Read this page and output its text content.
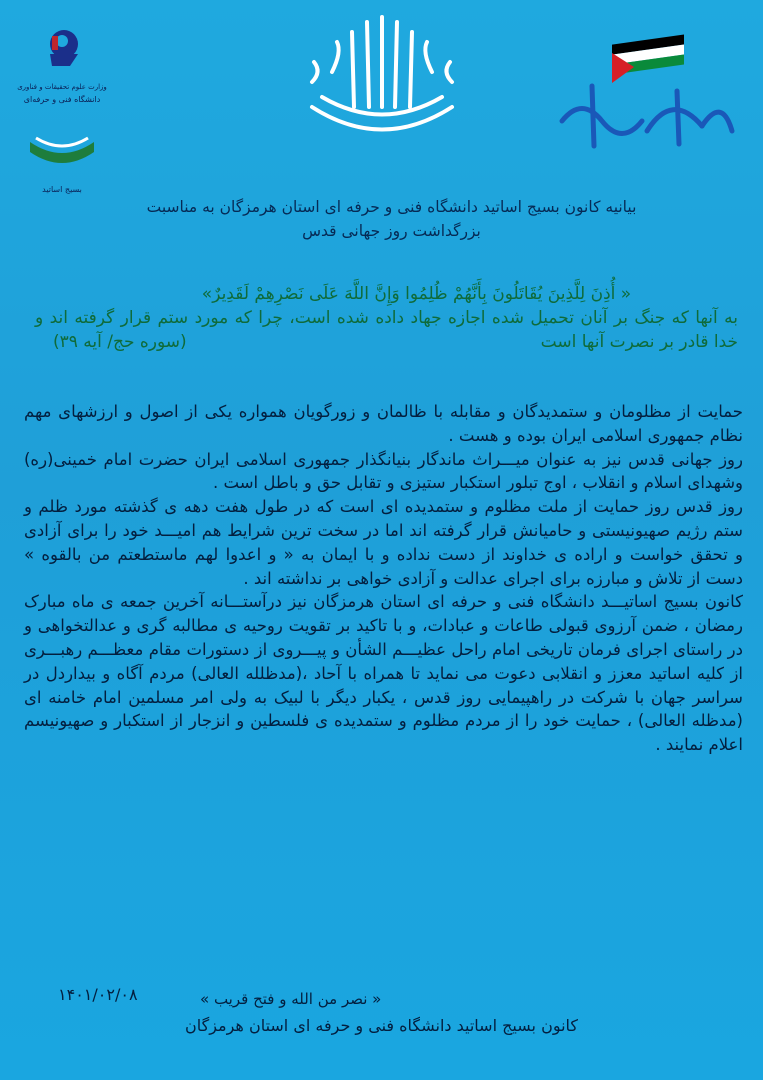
وزارت علوم تحقیقات و فناوری
دانشگاه فنی و حرفه‌ای
بسیج اساتید
بیانیه کانون بسیج اساتید دانشگاه فنی و حرفه ای استان هرمزگان به مناسبت
بزرگداشت روز جهانی قدس
« أُذِنَ لِلَّذِینَ یُقَاتَلُونَ بِأَنَّهُمْ ظُلِمُوا وَإِنَّ اللَّهَ عَلَى نَصْرِهِمْ لَقَدِیرٌ»
به آنها که جنگ بر آنان تحمیل شده اجازه جهاد داده شده است، چرا که مورد ستم قرار گرفته اند و خدا قادر بر نصرت آنها است
(سوره حج/ آیه ۳۹)

حمایت از مظلومان و ستمدیدگان و مقابله با ظالمان و زورگویان همواره یکی از اصول و ارزشهای مهم نظام جمهوری اسلامی ایران بوده و هست .

روز جهانی قدس نیز به عنوان میـــراث ماندگار بنیانگذار جمهوری اسلامی ایران حضرت امام خمینی(ره) وشهدای اسلام و انقلاب ، اوج تبلور استکبار ستیزی و تقابل حق و باطل است .

روز قدس روز حمایت از ملت مظلوم و ستمدیده ای است که در طول هفت دهه ی گذشته مورد ظلم و ستم رژیم صهیونیستی و حامیانش قرار گرفته اند اما در سخت ترین شرایط هم امیـــد خود را برای آزادی و تحقق خواست و اراده ی خداوند از دست نداده و با ایمان به « و اعدوا لهم ماستطعتم من بالقوه » دست از تلاش و مبارزه برای اجرای عدالت و آزادی خواهی بر نداشته اند .

کانون بسیج اساتیـــد دانشگاه فنی و حرفه ای استان هرمزگان نیز درآستـــانه آخرین جمعه ی ماه مبارک رمضان ، ضمن آرزوی قبولی طاعات و عبادات، و با تاکید بر تقویت روحیه ی مطالبه گری و عدالتخواهی و در راستای اجرای فرمان تاریخی امام راحل عظیـــم الشأن و پیـــروی از دستورات مقام معظـــم رهبـــری از کلیه اساتید معزز و انقلابی دعوت می نماید تا همراه با آحاد ،(مدظلله العالی) مردم آگاه و بیداردل در سراسر جهان با شرکت در راهپیمایی روز قدس ، یکبار دیگر با لبیک به ولی امر مسلمین امام خامنه ای (مدظله العالی) ، حمایت خود را از مردم مظلوم و ستمدیده ی فلسطین و انزجار از استکبار و صهیونیسم اعلام نمایند .

۱۴۰۱/۰۲/۰۸	« نصر من الله و فتح قریب »
کانون بسیج اساتید دانشگاه فنی و حرفه ای استان هرمزگان
